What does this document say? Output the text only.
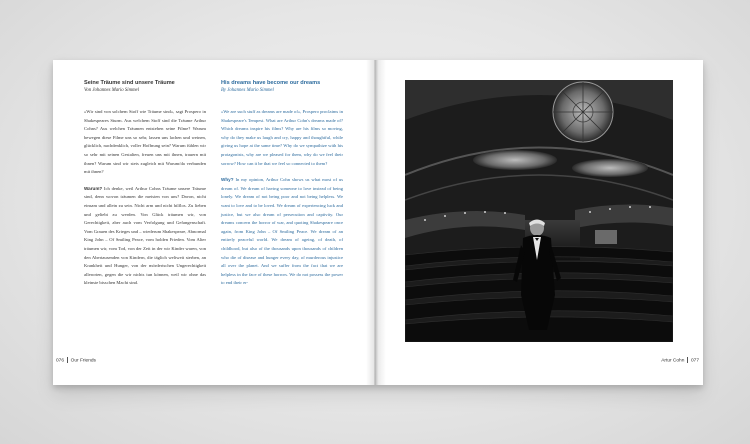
Seine Träume sind unsere Träume
Von Johannes Mario Simmel

»Wir sind von solchem Stoff wie Träume sind«, sagt Prospero in Shakespeares Sturm. Aus welchem Stoff sind die Träume Arthur Cohns? Aus welchen Träumen entstehen seine Filme? Warum bewegen diese Filme uns so sehr, lassen uns lachen und weinen, glücklich, nachdenklich, voller Hoffnung sein? Warum fühlen wir so sehr mit seinen Gestalten, freuen uns mit ihnen, trauern mit ihnen? Warum sind wir stets zugleich mit Warum/da verbunden mit ihnen?

Warum? Ich denke, weil Arthur Cohns Träume unsere Träume sind, denn wovon träumen die meisten von uns? Davon, nicht einsam und allein zu sein. Nicht arm und nicht hilflos. Zu lieben und geliebt zu werden. Von Glück träumen wir, von Gerechtigkeit, aber auch vom Verfolgung und Gefangenschaft. Vom Grauen des Krieges und – wiederum Shakespeare, Abnormal King John – Of Smiling Peace, vom holden Frieden. Vom Alter träumen wir, vom Tod, von der Zeit in der wir Kinder waren, von den Abertausenden von Kindern, die täglich weltweit sterben, an Krankheit und Hunger, von der mörderischen Ungerechtigkeit allerorten, gegen die wir nichts tun können, weil wir ohne das kleinste bisschen Macht sind.

His dreams have become our dreams
By Johannes Mario Simmel

»We are such stuff as dreams are made of«, Prospero proclaims in Shakespeare's Tempest. What are Arthur Cohn's dreams made of? Which dreams inspire his films? Why are his films so moving, why do they make us laugh and cry, happy and thoughtful, while giving us hope at the same time? Why do we sympathize with his protagonists, why are we pleased for them, why do we feel their sorrow? How can it be that we feel so connected to them?

Why? In my opinion, Arthur Cohn shows us what most of us dream of. We dream of having someone to love instead of being lonely. We dream of not being poor and not being helpless. We want to love and to be loved. We dream of experiencing luck and justice, but we also dream of persecution and captivity. Our dreams concern the horror of war, and quoting Shakespeare once again, from King John – Of Smiling Peace. We dream of an entirely peaceful world. We dream of ageing, of death, of childhood, but also of the thousands upon thousands of children who die of disease and hunger every day, of murderous injustice all over the planet. And we suffer from the fact that we are helpless in the face of these horrors. We do not possess the power to end their er-

076 Our Friends	Artur Cohn 077
